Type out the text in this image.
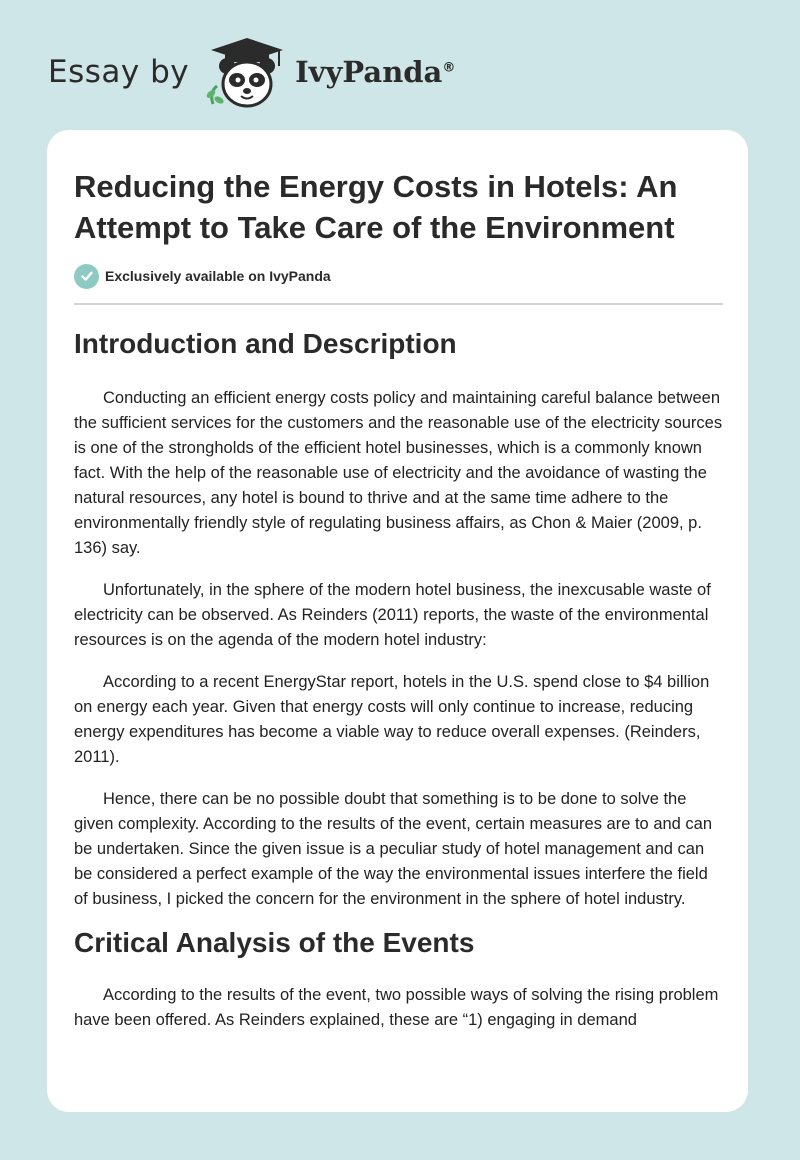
Essay by	IvyPanda®
Reducing the Energy Costs in Hotels: An Attempt to Take Care of the Environment
Exclusively available on IvyPanda
Introduction and Description

Conducting an efficient energy costs policy and maintaining careful balance between the sufficient services for the customers and the reasonable use of the electricity sources is one of the strongholds of the efficient hotel businesses, which is a commonly known fact. With the help of the reasonable use of electricity and the avoidance of wasting the natural resources, any hotel is bound to thrive and at the same time adhere to the environmentally friendly style of regulating business affairs, as Chon & Maier (2009, p. 136) say.

Unfortunately, in the sphere of the modern hotel business, the inexcusable waste of electricity can be observed. As Reinders (2011) reports, the waste of the environmental resources is on the agenda of the modern hotel industry:

According to a recent EnergyStar report, hotels in the U.S. spend close to $4 billion on energy each year. Given that energy costs will only continue to increase, reducing energy expenditures has become a viable way to reduce overall expenses. (Reinders, 2011).

Hence, there can be no possible doubt that something is to be done to solve the given complexity. According to the results of the event, certain measures are to and can be undertaken. Since the given issue is a peculiar study of hotel management and can be considered a perfect example of the way the environmental issues interfere the field of business, I picked the concern for the environment in the sphere of hotel industry.

Critical Analysis of the Events

According to the results of the event, two possible ways of solving the rising problem have been offered. As Reinders explained, these are “1) engaging in demand
